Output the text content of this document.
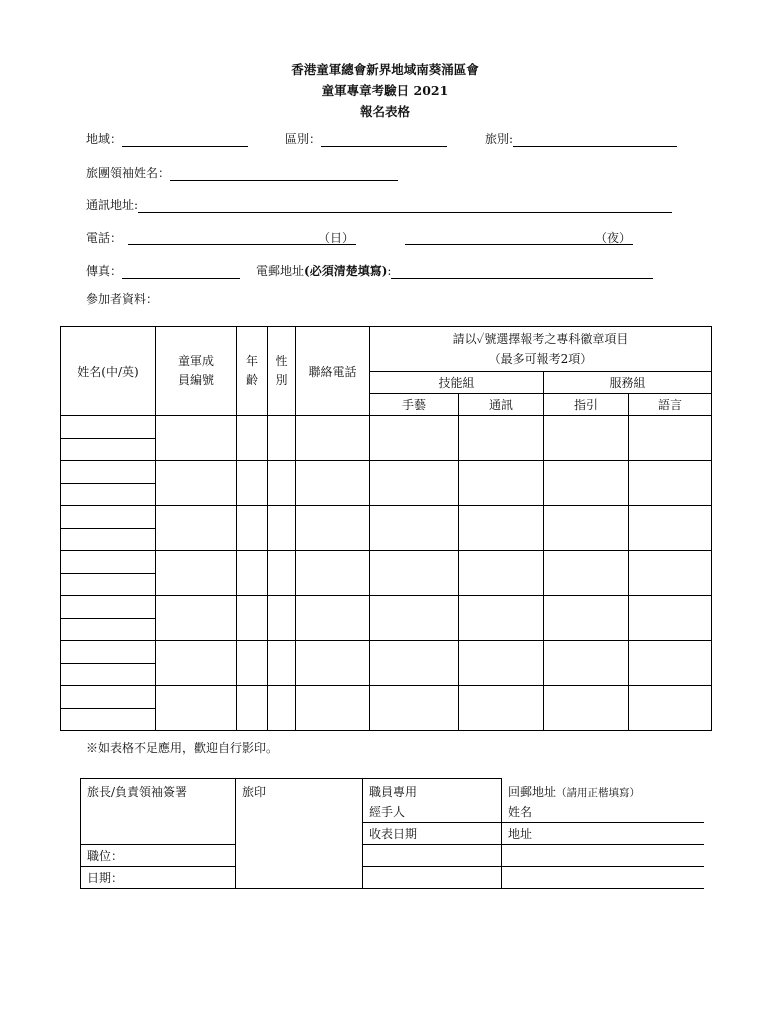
香港童軍總會新界地域南葵涌區會
童軍專章考驗日 2021
報名表格
地域：	區別：	旅別:
旅團領袖姓名：
通訊地址:
電話：	（日）	（夜）
傳真：	電郵地址(必須清楚填寫):
參加者資料：
姓名(中/英)	童軍成員編號	年齡	性別	聯絡電話	請以✓號選擇報考之專科徽章項目
（最多可報考2項）			

					技能組		服務組	
					手藝	通訊	指引	語言

※如表格不足應用，歡迎自行影印。
旅長/負責領袖簽署	旅印	職員專用	回郵地址（請用正楷填寫）

		經手人	姓名
		收表日期	地址
職位：			
日期：			
